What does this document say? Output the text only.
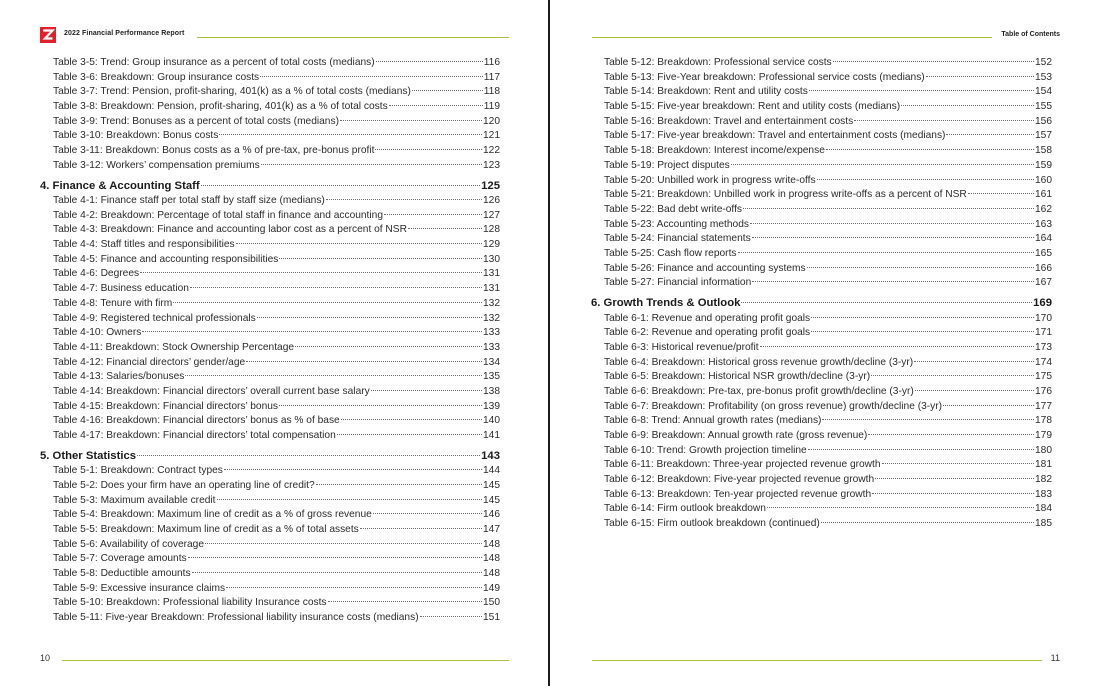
2022 Financial Performance Report
Table 3-5: Trend: Group insurance as a percent of total costs (medians)	116
Table 3-6: Breakdown: Group insurance costs	117
Table 3-7: Trend: Pension, profit-sharing, 401(k) as a % of total costs (medians)	118
Table 3-8: Breakdown: Pension, profit-sharing, 401(k) as a % of total costs	119
Table 3-9: Trend: Bonuses as a percent of total costs (medians)	120
Table 3-10: Breakdown: Bonus costs	121
Table 3-11: Breakdown: Bonus costs as a % of pre-tax, pre-bonus profit	122
Table 3-12: Workers’ compensation premiums	123
4. Finance & Accounting Staff	125
Table 4-1: Finance staff per total staff by staff size (medians)	126
Table 4-2: Breakdown: Percentage of total staff in finance and accounting	127
Table 4-3: Breakdown: Finance and accounting labor cost as a percent of NSR	128
Table 4-4: Staff titles and responsibilities	129
Table 4-5: Finance and accounting responsibilities	130
Table 4-6: Degrees	131
Table 4-7: Business education	131
Table 4-8: Tenure with firm	132
Table 4-9: Registered technical professionals	132
Table 4-10: Owners	133
Table 4-11: Breakdown: Stock Ownership Percentage	133
Table 4-12: Financial directors’ gender/age	134
Table 4-13: Salaries/bonuses	135
Table 4-14: Breakdown: Financial directors’ overall current base salary	138
Table 4-15: Breakdown: Financial directors’ bonus	139
Table 4-16: Breakdown: Financial directors’ bonus as % of base	140
Table 4-17: Breakdown: Financial directors’ total compensation	141
5. Other Statistics	143
Table 5-1: Breakdown: Contract types	144
Table 5-2: Does your firm have an operating line of credit?	145
Table 5-3: Maximum available credit	145
Table 5-4: Breakdown: Maximum line of credit as a % of gross revenue	146
Table 5-5: Breakdown: Maximum line of credit as a % of total assets	147
Table 5-6: Availability of coverage	148
Table 5-7: Coverage amounts	148
Table 5-8: Deductible amounts	148
Table 5-9: Excessive insurance claims	149
Table 5-10: Breakdown: Professional liability Insurance costs	150
Table 5-11: Five-year Breakdown: Professional liability insurance costs (medians)	151
10
Table of Contents
Table 5-12: Breakdown: Professional service costs	152
Table 5-13: Five-Year breakdown: Professional service costs (medians)	153
Table 5-14: Breakdown: Rent and utility costs	154
Table 5-15: Five-year breakdown: Rent and utility costs (medians)	155
Table 5-16: Breakdown: Travel and entertainment costs	156
Table 5-17: Five-year breakdown: Travel and entertainment costs (medians)	157
Table 5-18: Breakdown: Interest income/expense	158
Table 5-19: Project disputes	159
Table 5-20: Unbilled work in progress write-offs	160
Table 5-21: Breakdown: Unbilled work in progress write-offs as a percent of NSR	161
Table 5-22: Bad debt write-offs	162
Table 5-23: Accounting methods	163
Table 5-24: Financial statements	164
Table 5-25: Cash flow reports	165
Table 5-26: Finance and accounting systems	166
Table 5-27: Financial information	167
6. Growth Trends & Outlook	169
Table 6-1: Revenue and operating profit goals	170
Table 6-2: Revenue and operating profit goals	171
Table 6-3: Historical revenue/profit	173
Table 6-4: Breakdown: Historical gross revenue growth/decline (3-yr)	174
Table 6-5: Breakdown: Historical NSR growth/decline (3-yr)	175
Table 6-6: Breakdown: Pre-tax, pre-bonus profit growth/decline (3-yr)	176
Table 6-7: Breakdown: Profitability (on gross revenue) growth/decline (3-yr)	177
Table 6-8: Trend: Annual growth rates (medians)	178
Table 6-9: Breakdown: Annual growth rate (gross revenue)	179
Table 6-10: Trend: Growth projection timeline	180
Table 6-11: Breakdown: Three-year projected revenue growth	181
Table 6-12: Breakdown: Five-year projected revenue growth	182
Table 6-13: Breakdown: Ten-year projected revenue growth	183
Table 6-14: Firm outlook breakdown	184
Table 6-15: Firm outlook breakdown (continued)	185
11
